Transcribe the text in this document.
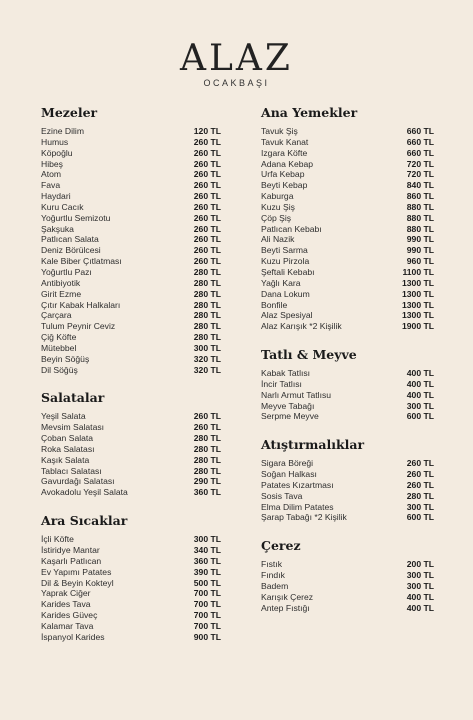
ALAZ
OCAKBAŞI
Mezeler
Ezine Dilim	120 TL
Humus	260 TL
Köpoğlu	260 TL
Hibeş	260 TL
Atom	260 TL
Fava	260 TL
Haydari	260 TL
Kuru Cacık	260 TL
Yoğurtlu Semizotu	260 TL
Şakşuka	260 TL
Patlıcan Salata	260 TL
Deniz Börülcesi	260 TL
Kale Biber Çıtlatması	260 TL
Yoğurtlu Pazı	280 TL
Antibiyotik	280 TL
Girit Ezme	280 TL
Çıtır Kabak Halkaları	280 TL
Çarçara	280 TL
Tulum Peynir Ceviz	280 TL
Çiğ Köfte	280 TL
Mütebbel	300 TL
Beyin Söğüş	320 TL
Dil Söğüş	320 TL
Salatalar
Yeşil Salata	260 TL
Mevsim Salatası	260 TL
Çoban Salata	280 TL
Roka Salatası	280 TL
Kaşık Salata	280 TL
Tablacı Salatası	280 TL
Gavurdağı Salatası	290 TL
Avokadolu Yeşil Salata	360 TL
Ara Sıcaklar
İçli Köfte	300 TL
İstiridye Mantar	340 TL
Kaşarlı Patlıcan	360 TL
Ev Yapımı Patates	390 TL
Dil & Beyin Kokteyl	500 TL
Yaprak Ciğer	700 TL
Karides Tava	700 TL
Karides Güveç	700 TL
Kalamar Tava	700 TL
İspanyol Karides	900 TL
Ana Yemekler
Tavuk Şiş	660 TL
Tavuk Kanat	660 TL
Izgara Köfte	660 TL
Adana Kebap	720 TL
Urfa Kebap	720 TL
Beyti Kebap	840 TL
Kaburga	860 TL
Kuzu Şiş	880 TL
Çöp Şiş	880 TL
Patlıcan Kebabı	880 TL
Ali Nazik	990 TL
Beyti Sarma	990 TL
Kuzu Pirzola	960 TL
Şeftali Kebabı	1100 TL
Yağlı Kara	1300 TL
Dana Lokum	1300 TL
Bonfile	1300 TL
Alaz Spesiyal	1300 TL
Alaz Karışık *2 Kişilik	1900 TL
Tatlı & Meyve
Kabak Tatlısı	400 TL
İncir Tatlısı	400 TL
Narlı Armut Tatlısu	400 TL
Meyve Tabağı	300 TL
Serpme Meyve	600 TL
Atıştırmalıklar
Sigara Böreği	260 TL
Soğan Halkası	260 TL
Patates Kızartması	260 TL
Sosis Tava	280 TL
Elma Dilim Patates	300 TL
Şarap Tabağı *2 Kişilik	600 TL
Çerez
Fıstık	200 TL
Fındık	300 TL
Badem	300 TL
Karışık Çerez	400 TL
Antep Fıstığı	400 TL
